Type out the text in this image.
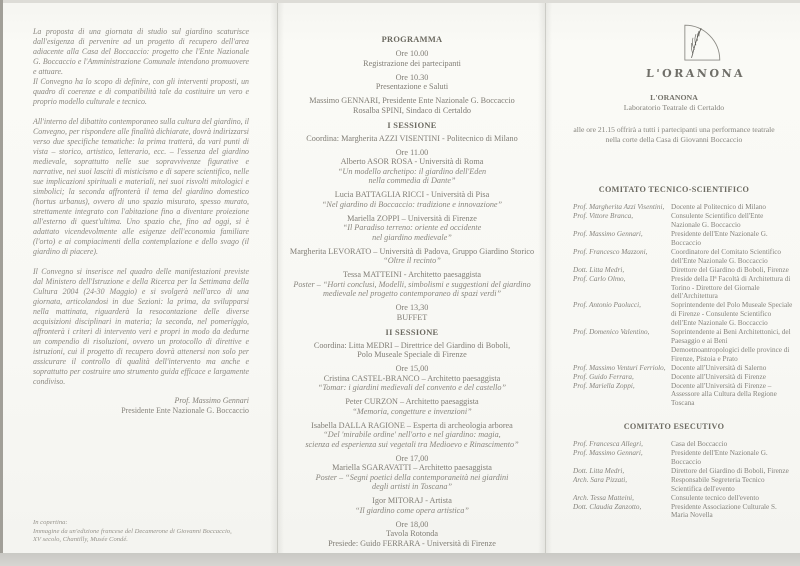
La proposta di una giornata di studio sul giardino scaturisce dall'esigenza di pervenire ad un progetto di recupero dell'area adiacente alla Casa del Boccaccio: progetto che l'Ente Nazionale G. Boccaccio e l'Amministrazione Comunale intendono promuovere e attuare.

Il Convegno ha lo scopo di definire, con gli interventi proposti, un quadro di coerenze e di compatibilità tale da costituire un vero e proprio modello culturale e tecnico.

All'interno del dibattito contemporaneo sulla cultura del giardino, il Convegno, per rispondere alle finalità dichiarate, dovrà indirizzarsi verso due specifiche tematiche: la prima tratterà, da vari punti di vista – storico, artistico, letterario, ecc. – l'essenza del giardino medievale, soprattutto nelle sue sopravvivenze figurative e narrative, nei suoi lasciti di misticismo e di sapere scientifico, nelle sue implicazioni spirituali e materiali, nei suoi risvolti mitologici e simbolici; la seconda affronterà il tema del giardino domestico (hortus urbanus), ovvero di uno spazio misurato, spesso murato, strettamente integrato con l'abitazione fino a diventare proiezione all'esterno di quest'ultima. Uno spazio che, fino ad oggi, si è adattato vicendevolmente alle esigenze dell'economia familiare (l'orto) e ai compiacimenti della contemplazione e dello svago (il giardino di piacere).

Il Convegno si inserisce nel quadro delle manifestazioni previste dal Ministero dell'Istruzione e della Ricerca per la Settimana della Cultura 2004 (24-30 Maggio) e si svolgerà nell'arco di una giornata, articolandosi in due Sezioni: la prima, da svilupparsi nella mattinata, riguarderà la resocontazione delle diverse acquisizioni disciplinari in materia; la seconda, nel pomeriggio, affronterà i criteri di intervento veri e propri in modo da dedurne un compendio di risoluzioni, ovvero un protocollo di direttive e istruzioni, cui il progetto di recupero dovrà attenersi non solo per assicurare il controllo di qualità dell'intervento ma anche e soprattutto per costruire uno strumento guida efficace e largamente condiviso.

Prof. Massimo Gennari
Presidente Ente Nazionale G. Boccaccio
PROGRAMMA
Ore 10.00
Registrazione dei partecipanti
Ore 10.30
Presentazione e Saluti
Massimo GENNARI, Presidente Ente Nazionale G. Boccaccio
Rosalba SPINI, Sindaco di Certaldo
I SESSIONE
Coordina: Margherita AZZI VISENTINI - Politecnico di Milano
Ore 11.00
Alberto ASOR ROSA - Università di Roma
“Un modello archetipo: il giardino dell'Eden
nella commedia di Dante”
Lucia BATTAGLIA RICCI - Università di Pisa
“Nel giardino di Boccaccio: tradizione e innovazione”
Mariella ZOPPI – Università di Firenze
“Il Paradiso terreno: oriente ed occidente
nel giardino medievale”
Margherita LEVORATO – Università di Padova, Gruppo Giardino Storico
“Oltre il recinto”
Tessa MATTEINI - Architetto paesaggista
Poster – “Horti conclusi, Modelli, simbolismi e suggestioni del giardino
medievale nel progetto contemporaneo di spazi verdi”
Ore 13,30
BUFFET
II SESSIONE
Coordina: Litta MEDRI – Direttrice del Giardino di Boboli,
Polo Museale Speciale di Firenze
Ore 15,00
Cristina CASTEL-BRANCO – Architetto paesaggista
“Tomar: i giardini medievali del convento e del castello”
Peter CURZON – Architetto paesaggista
“Memoria, congetture e invenzioni”
Isabella DALLA RAGIONE – Esperta di archeologia arborea
“Del 'mirabile ordine' nell'orto e nel giardino: magia,
scienza ed esperienza sui vegetali tra Medioevo e Rinascimento”
Ore 17,00
Mariella SGARAVATTI – Architetto paesaggista
Poster – “Segni poetici della contemporaneità nei giardini
degli artisti in Toscana”
Igor MITORAJ - Artista
“Il giardino come opera artistica”
Ore 18,00
Tavola Rotonda
Presiede: Guido FERRARA - Università di Firenze
L'ORANONA
L'ORANONA
Laboratorio Teatrale di Certaldo
alle ore 21.15 offrirà a tutti i partecipanti una performance teatrale
nella corte della Casa di Giovanni Boccaccio
COMITATO TECNICO-SCIENTIFICO
Prof. Margherita Azzi Visentini, Docente al Politecnico di Milano
Prof. Vittore Branca,	Consulente Scientifico dell'Ente Nazionale G. Boccaccio
Prof. Massimo Gennari,	Presidente dell'Ente Nazionale G. Boccaccio
Prof. Francesco Mazzoni,	Coordinatore del Comitato Scientifico dell'Ente Nazionale G. Boccaccio
Dott. Litta Medri,	Direttore del Giardino di Boboli, Firenze
Prof. Carlo Olmo,	Preside della IIª Facoltà di Architettura di Torino - Direttore del Giornale dell'Architettura
Prof. Antonio Paolucci,	Soprintendente del Polo Museale Speciale di Firenze - Consulente Scientifico dell'Ente Nazionale G. Boccaccio
Prof. Domenico Valentino,	Soprintendente ai Beni Architettonici, del Paesaggio e ai Beni Demoetnoantropologici delle province di Firenze, Pistoia e Prato
Prof. Massimo Venturi Ferriolo, Docente all'Università di Salerno
Prof. Guido Ferrara,	Docente all'Università di Firenze
Prof. Mariella Zoppi,	Docente all'Università di Firenze – Assessore alla Cultura della Regione Toscana
COMITATO ESECUTIVO
Prof. Francesca Allegri,	Casa del Boccaccio
Prof. Massimo Gennari,	Presidente dell'Ente Nazionale G. Boccaccio
Dott. Litta Medri,	Direttore del Giardino di Boboli, Firenze
Arch. Sara Pizzati,	Responsabile Segreteria Tecnico Scientifica dell'evento
Arch. Tessa Matteini,	Consulente tecnico dell'evento
Dott. Claudia Zanzotto,	Presidente Associazione Culturale S. Maria Novella
In copertina:
Immagine da un'edizione francese del Decamerone di Giovanni Boccaccio,
XV secolo, Chantilly, Musée Condé.
